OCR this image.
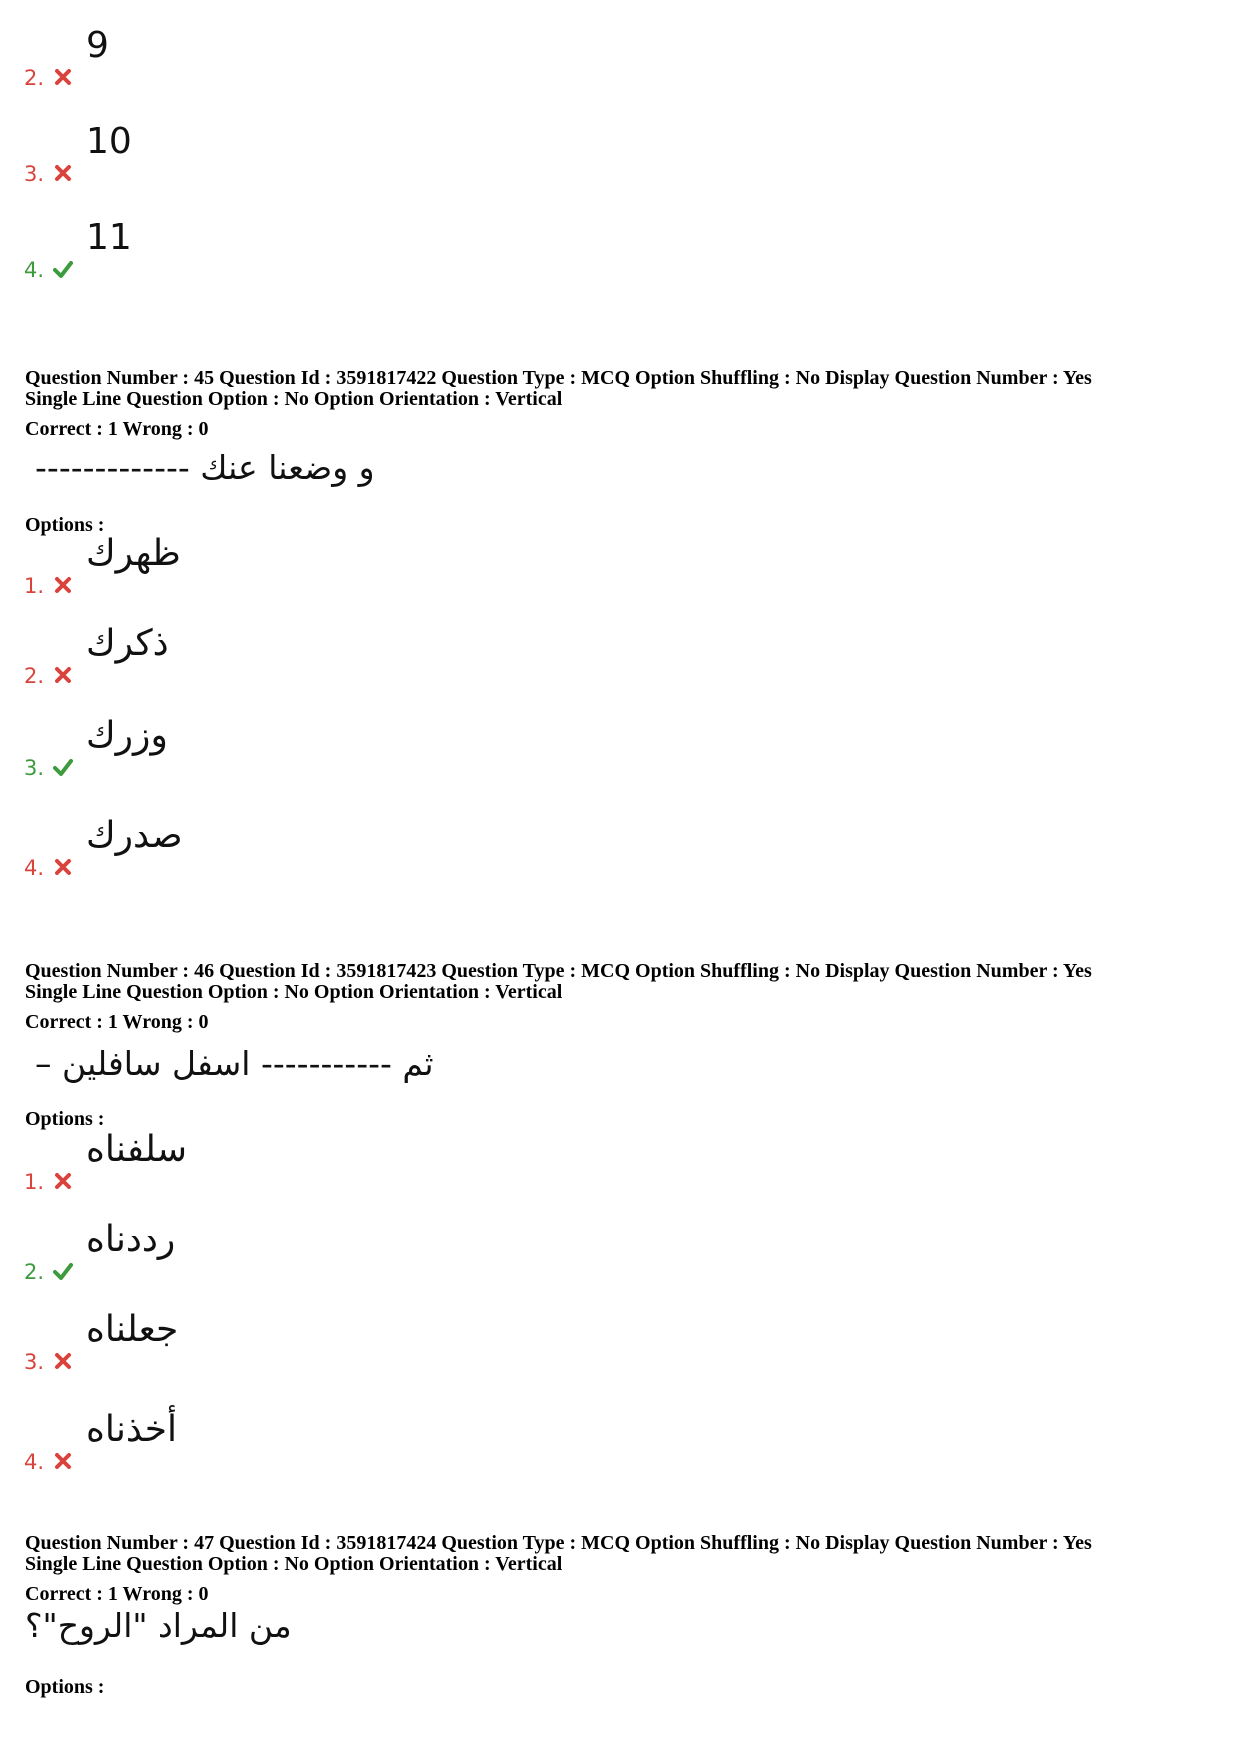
2.
9
3.
10
4.
11

Question Number : 45 Question Id : 3591817422 Question Type : MCQ Option Shuffling : No Display Question Number : Yes

Single Line Question Option : No Option Orientation : Vertical

Correct : 1 Wrong : 0
و وضعنا عنك -------------
Options :
1.
ظهرك
2.
ذكرك
3.
وزرك
4.
صدرك

Question Number : 46 Question Id : 3591817423 Question Type : MCQ Option Shuffling : No Display Question Number : Yes

Single Line Question Option : No Option Orientation : Vertical

Correct : 1 Wrong : 0
ثم ----------- اسفل سافلين –
Options :
1.
سلفناه
2.
رددناه
3.
جعلناه
4.
أخذناه

Question Number : 47 Question Id : 3591817424 Question Type : MCQ Option Shuffling : No Display Question Number : Yes

Single Line Question Option : No Option Orientation : Vertical

Correct : 1 Wrong : 0
من المراد "الروح"؟
Options :
